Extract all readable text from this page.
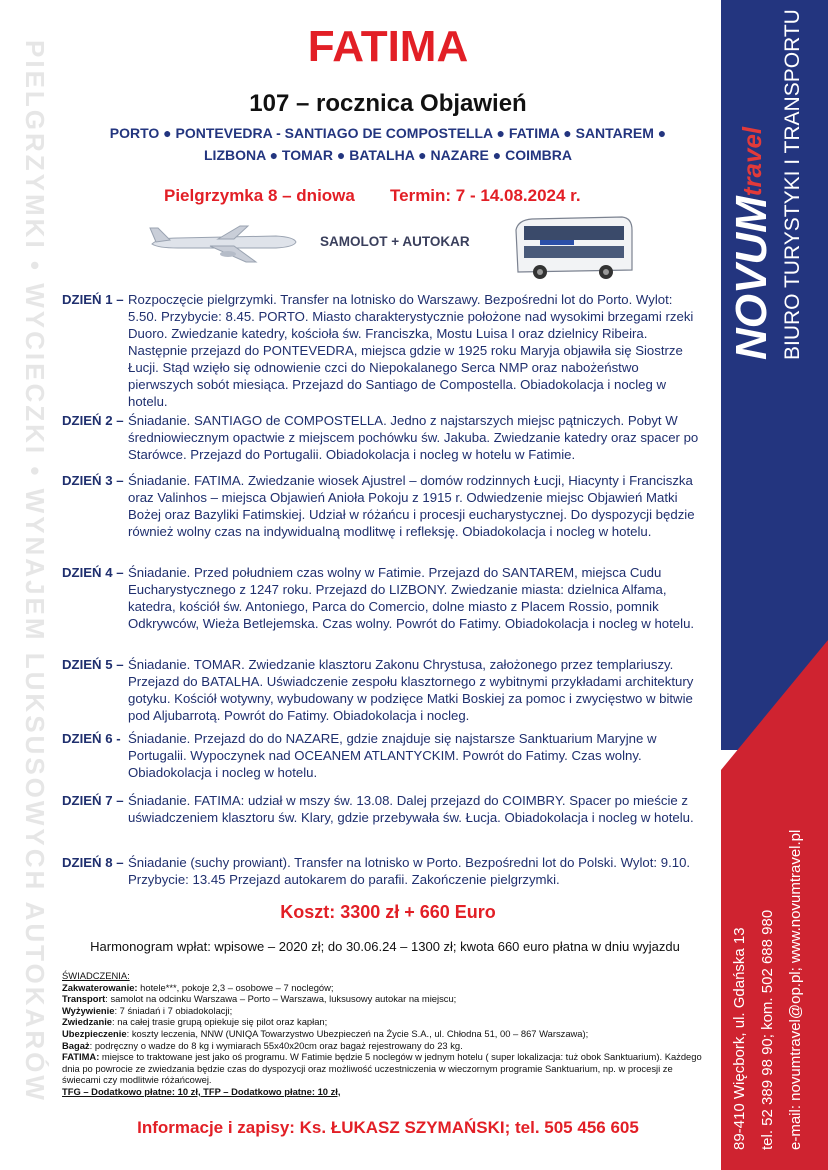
PIELGRZYMKI • WYCIECZKI • WYNAJEM LUKSUSOWYCH AUTOKARÓW	NOVUMtravel BIURO TURYSTYKI I TRANSPORTU
89-410 Więcbork, ul. Gdańska 13 tel. 52 389 98 90; kom. 502 688 980 e-mail: novumtravel@op.pl; www.novumtravel.pl
FATIMA
107 – rocznica Objawień
PORTO ● PONTEVEDRA - SANTIAGO DE COMPOSTELLA ● FATIMA ● SANTAREM ●
LIZBONA ● TOMAR ● BATALHA ● NAZARE ● COIMBRA
Pielgrzymka 8 – dniowa Termin: 7 - 14.08.2024 r.
SAMOLOT + AUTOKAR
DZIEŃ 1 – Rozpoczęcie pielgrzymki. Transfer na lotnisko do Warszawy. Bezpośredni lot do Porto. Wylot: 5.50. Przybycie: 8.45. PORTO. Miasto charakterystycznie położone nad wysokimi brzegami rzeki Duoro. Zwiedzanie katedry, kościoła św. Franciszka, Mostu Luisa I oraz dzielnicy Ribeira. Następnie przejazd do PONTEVEDRA, miejsca gdzie w 1925 roku Maryja objawiła się Siostrze Łucji. Stąd wzięło się odnowienie czci do Niepokalanego Serca NMP oraz nabożeństwo pierwszych sobót miesiąca. Przejazd do Santiago de Compostella. Obiadokolacja i nocleg w hotelu.
DZIEŃ 2 – Śniadanie. SANTIAGO de COMPOSTELLA. Jedno z najstarszych miejsc pątniczych. Pobyt W średniowiecznym opactwie z miejscem pochówku św. Jakuba. Zwiedzanie katedry oraz spacer po Starówce. Przejazd do Portugalii. Obiadokolacja i nocleg w hotelu w Fatimie.
DZIEŃ 3 – Śniadanie. FATIMA. Zwiedzanie wiosek Ajustrel – domów rodzinnych Łucji, Hiacynty i Franciszka oraz Valinhos – miejsca Objawień Anioła Pokoju z 1915 r. Odwiedzenie miejsc Objawień Matki Bożej oraz Bazyliki Fatimskiej. Udział w różańcu i procesji eucharystycznej. Do dyspozycji będzie również wolny czas na indywidualną modlitwę i refleksję. Obiadokolacja i nocleg w hotelu.
DZIEŃ 4 – Śniadanie. Przed południem czas wolny w Fatimie. Przejazd do SANTAREM, miejsca Cudu Eucharystycznego z 1247 roku. Przejazd do LIZBONY. Zwiedzanie miasta: dzielnica Alfama, katedra, kościół św. Antoniego, Parca do Comercio, dolne miasto z Placem Rossio, pomnik Odkrywców, Wieża Betlejemska. Czas wolny. Powrót do Fatimy. Obiadokolacja i nocleg w hotelu.
DZIEŃ 5 – Śniadanie. TOMAR. Zwiedzanie klasztoru Zakonu Chrystusa, założonego przez templariuszy. Przejazd do BATALHA. Uświadczenie zespołu klasztornego z wybitnymi przykładami architektury gotyku. Kościół wotywny, wybudowany w podzięce Matki Boskiej za pomoc i zwycięstwo w bitwie pod Aljubarrotą. Powrót do Fatimy. Obiadokolacja i nocleg.
DZIEŃ 6 - Śniadanie. Przejazd do do NAZARE, gdzie znajduje się najstarsze Sanktuarium Maryjne w Portugalii. Wypoczynek nad OCEANEM ATLANTYCKIM. Powrót do Fatimy. Czas wolny. Obiadokolacja i nocleg w hotelu.
DZIEŃ 7 – Śniadanie. FATIMA: udział w mszy św. 13.08. Dalej przejazd do COIMBRY. Spacer po mieście z uświadczeniem klasztoru św. Klary, gdzie przebywała św. Łucja. Obiadokolacja i nocleg w hotelu.
DZIEŃ 8 – Śniadanie (suchy prowiant). Transfer na lotnisko w Porto. Bezpośredni lot do Polski. Wylot: 9.10. Przybycie: 13.45 Przejazd autokarem do parafii. Zakończenie pielgrzymki.
Koszt: 3300 zł + 660 Euro
Harmonogram wpłat: wpisowe – 2020 zł; do 30.06.24 – 1300 zł; kwota 660 euro płatna w dniu wyjazdu
ŚWIADCZENIA:
Zakwaterowanie: hotele***, pokoje 2,3 – osobowe – 7 noclegów;
Transport: samolot na odcinku Warszawa – Porto – Warszawa, luksusowy autokar na miejscu;
Wyżywienie: 7 śniadań i 7 obiadokolacji;
Zwiedzanie: na całej trasie grupą opiekuje się pilot oraz kapłan;
Ubezpieczenie: koszty leczenia, NNW (UNIQA Towarzystwo Ubezpieczeń na Życie S.A., ul. Chłodna 51, 00 – 867 Warszawa);
Bagaż: podręczny o wadze do 8 kg i wymiarach 55x40x20cm oraz bagaż rejestrowany do 23 kg.
FATIMA: miejsce to traktowane jest jako oś programu. W Fatimie będzie 5 noclegów w jednym hotelu ( super lokalizacja: tuż obok Sanktuarium). Każdego dnia po powrocie ze zwiedzania będzie czas do dyspozycji oraz możliwość uczestniczenia w wieczornym programie Sanktuarium, np. w procesji ze świecami czy modlitwie różańcowej.
TFG – Dodatkowo płatne: 10 zł, TFP – Dodatkowo płatne: 10 zł,
Informacje i zapisy: Ks. ŁUKASZ SZYMAŃSKI; tel. 505 456 605
